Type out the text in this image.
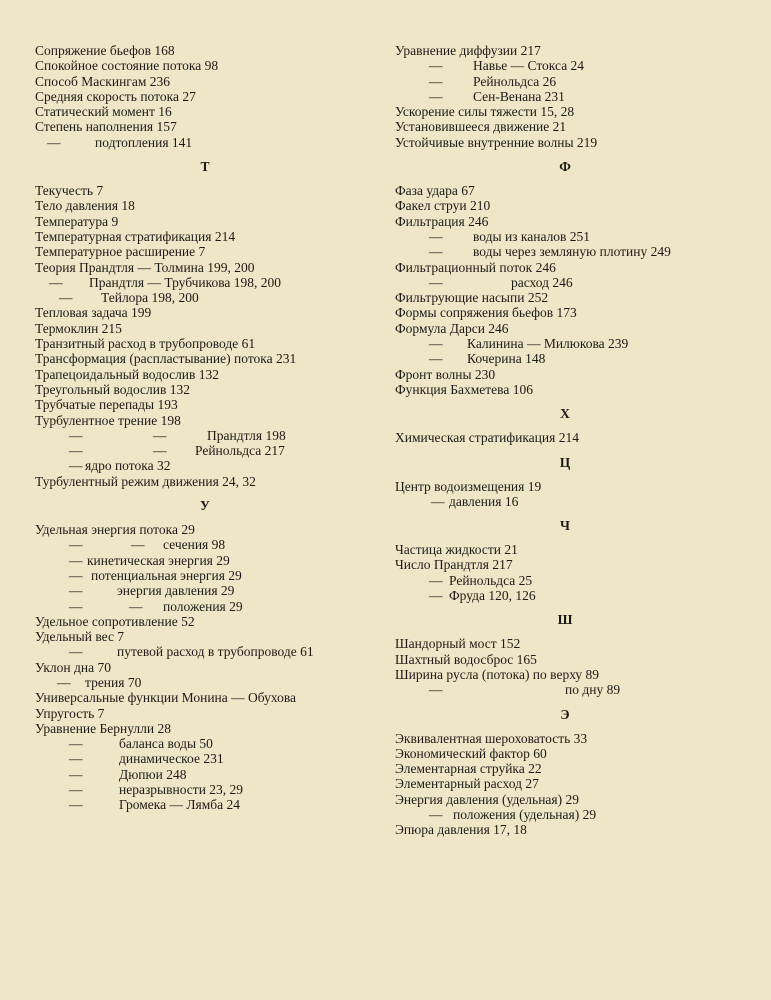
Сопряжение бьефов 168
Спокойное состояние потока 98
Способ Маскингам 236
Средняя скорость потока 27
Статический момент 16
Степень наполнения 157
—	подтопления 141
Т
Текучесть 7
Тело давления 18
Температура 9
Температурная стратификация 214
Температурное расширение 7
Теория Прандтля — Толмина 199, 200
— Прандтля — Трубчикова 198, 200
— Тейлора 198, 200
Тепловая задача 199
Термоклин 215
Транзитный расход в трубопроводе 61
Трансформация (распластывание) потока 231
Трапецоидальный водослив 132
Треугольный водослив 132
Трубчатые перепады 193
Турбулентное трение 198
—	—	Прандтля 198
—	— Рейнольдса 217
— ядро потока 32
Турбулентный режим движения 24, 32
У
Удельная энергия потока 29
—	— сечения 98
— кинетическая энергия 29
— потенциальная энергия 29
—	энергия давления 29
—	— положения 29
Удельное сопротивление 52
Удельный вес 7
—	путевой расход в трубопроводе 61
Уклон дна 70
— трения 70
Универсальные функции Монина — Обухова
Упругость 7
Уравнение Бернулли 28
—	баланса воды 50
—	динамическое 231
—	Дюпюи 248
—	неразрывности 23, 29
—	Громека — Лямба 24
Уравнение диффузии 217
— Навье — Стокса 24
— Рейнольдса 26
— Сен-Венана 231
Ускорение силы тяжести 15, 28
Установившееся движение 21
Устойчивые внутренние волны 219
Ф
Фаза удара 67
Факел струи 210
Фильтрация 246
— воды из каналов 251
— воды через земляную плотину 249
Фильтрационный поток 246
—	расход 246
Фильтрующие насыпи 252
Формы сопряжения бьефов 173
Формула Дарси 246
— Калинина — Милюкова 239
— Кочерина 148
Фронт волны 230
Функция Бахметева 106
Х
Химическая стратификация 214
Ц
Центр водоизмещения 19
— давления 16
Ч
Частица жидкости 21
Число Прандтля 217
— Рейнольдса 25
— Фруда 120, 126
Ш
Шандорный мост 152
Шахтный водосброс 165
Ширина русла (потока) по верху 89
—	по дну 89
Э
Эквивалентная шероховатость 33
Экономический фактор 60
Элементарная струйка 22
Элементарный расход 27
Энергия давления (удельная) 29
— положения (удельная) 29
Эпюра давления 17, 18
